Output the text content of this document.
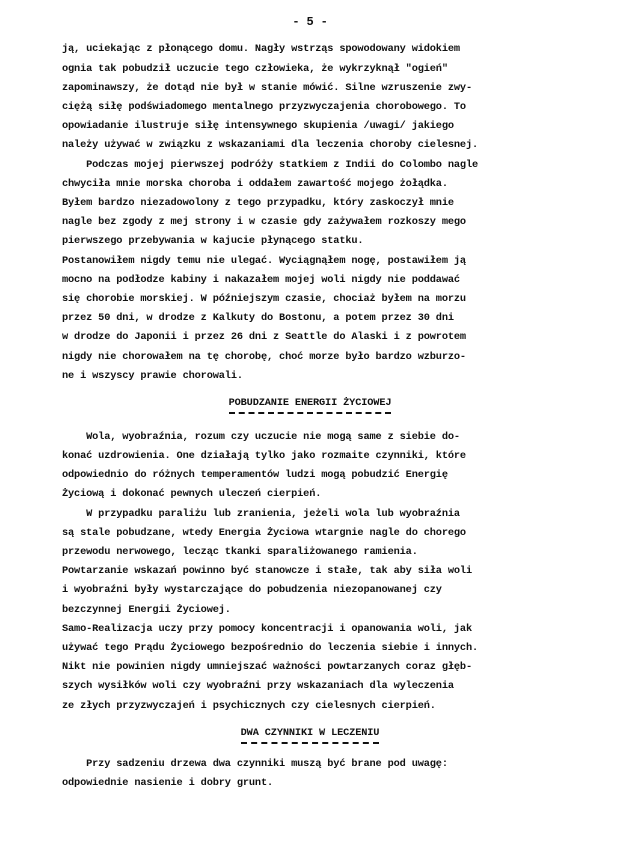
- 5 -
ją, uciekając z płonącego domu. Nagły wstrząs spowodowany widokiem
ognia tak pobudził uczucie tego człowieka, że wykrzyknął "ogień"
zapominawszy, że dotąd nie był w stanie mówić. Silne wzruszenie zwy-
ciężą siłę podświadomego mentalnego przyzwyczajenia chorobowego. To
opowiadanie ilustruje siłę intensywnego skupienia /uwagi/ jakiego
należy używać w związku z wskazaniami dla leczenia choroby cielesnej.
Podczas mojej pierwszej podróży statkiem z Indii do Colombo nagle
chwyciła mnie morska choroba i oddałem zawartość mojego żołądka.
Byłem bardzo niezadowolony z tego przypadku, który zaskoczył mnie
nagle bez zgody z mej strony i w czasie gdy zażywałem rozkoszy mego
pierwszego przebywania w kajucie płynącego statku.
Postanowiłem nigdy temu nie ulegać. Wyciągnąłem nogę, postawiłem ją
mocno na podłodze kabiny i nakazałem mojej woli nigdy nie poddawać
się chorobie morskiej. W późniejszym czasie, chociaż byłem na morzu
przez 50 dni, w drodze z Kalkuty do Bostonu, a potem przez 30 dni
w drodze do Japonii i przez 26 dni z Seattle do Alaski i z powrotem
nigdy nie chorowałem na tę chorobę, choć morze było bardzo wzburzo-
ne i wszyscy prawie chorowali.
POBUDZANIE ENERGII ŻYCIOWEJ
Wola, wyobraźnia, rozum czy uczucie nie mogą same z siebie do-
konać uzdrowienia. One działają tylko jako rozmaite czynniki, które
odpowiednio do różnych temperamentów ludzi mogą pobudzić Energię
Życiową i dokonać pewnych uleczeń cierpień.
W przypadku paraliżu lub zranienia, jeżeli wola lub wyobraźnia
są stale pobudzane, wtedy Energia Życiowa wtargnie nagle do chorego
przewodu nerwowego, lecząc tkanki sparaliżowanego ramienia.
Powtarzanie wskazań powinno być stanowcze i stałe, tak aby siła woli
i wyobraźni były wystarczające do pobudzenia niezopanowanej czy
bezczynnej Energii Życiowej.
Samo-Realizacja uczy przy pomocy koncentracji i opanowania woli, jak
używać tego Prądu Życiowego bezpośrednio do leczenia siebie i innych.
Nikt nie powinien nigdy umniejszać ważności powtarzanych coraz głęb-
szych wysiłków woli czy wyobraźni przy wskazaniach dla wyleczenia
ze złych przyzwyczajeń i psychicznych czy cielesnych cierpień.
DWA CZYNNIKI W LECZENIU
Przy sadzeniu drzewa dwa czynniki muszą być brane pod uwagę:
odpowiednie nasienie i dobry grunt.
